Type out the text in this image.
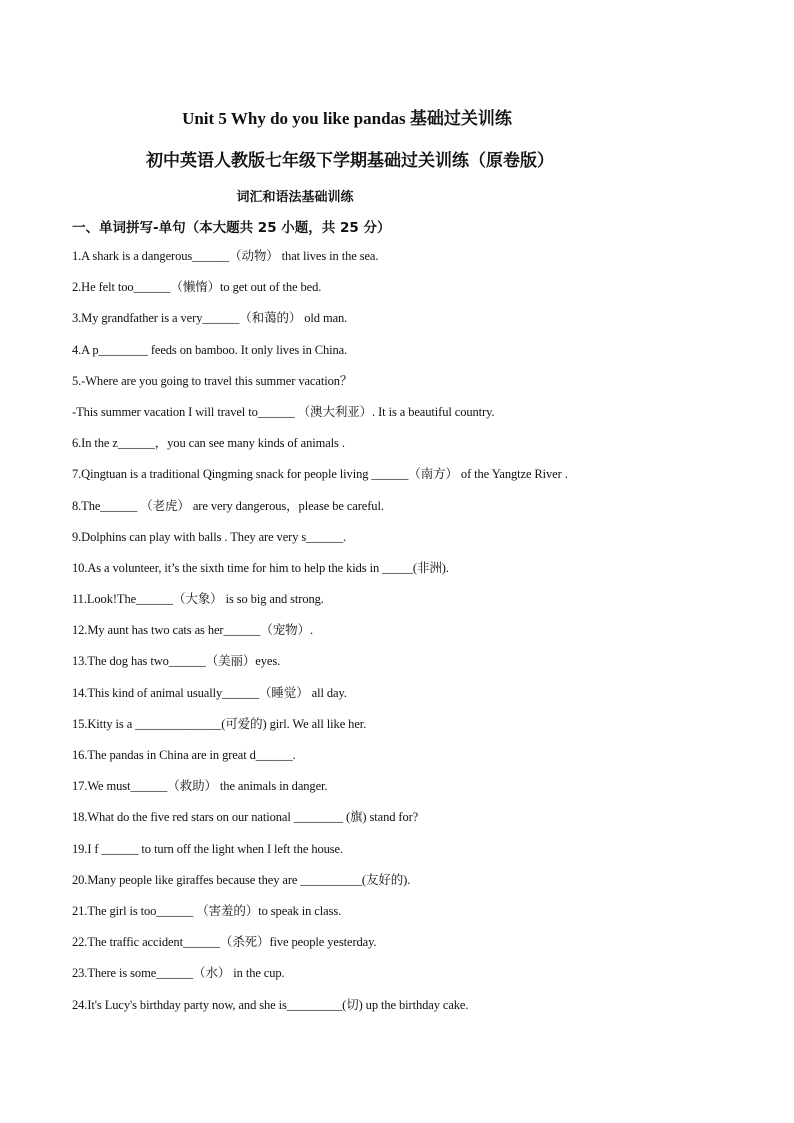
Unit 5 Why do you like pandas 基础过关训练
初中英语人教版七年级下学期基础过关训练（原卷版）
词汇和语法基础训练
一、单词拼写-单句（本大题共 25 小题，共 25 分）
1.A shark is a dangerous______（动物） that lives in the sea.
2.He felt too______（懒惰）to get out of the bed.
3.My grandfather is a very______（和蔼的） old man.
4.A p________ feeds on bamboo. It only lives in China.
5.-Where are you going to travel this summer vacation？
-This summer vacation I will travel to______ （澳大利亚）. It is a beautiful country.
6.In the z______，you can see many kinds of animals .
7.Qingtuan is a traditional Qingming snack for people living ______（南方） of the Yangtze River .
8.The______ （老虎） are very dangerous，please be careful.
9.Dolphins can play with balls . They are very s______.
10.As a volunteer, it’s the sixth time for him to help the kids in _____(非洲).
11.Look!The______（大象） is so big and strong.
12.My aunt has two cats as her______（宠物）.
13.The dog has two______（美丽）eyes.
14.This kind of animal usually______（睡觉） all day.
15.Kitty is a ______________(可爱的) girl. We all like her.
16.The pandas in China are in great d______.
17.We must______（救助） the animals in danger.
18.What do the five red stars on our national ________ (旗) stand for?
19.I f ______ to turn off the light when I left the house.
20.Many people like giraffes because they are __________(友好的).
21.The girl is too______ （害羞的）to speak in class.
22.The traffic accident______（杀死）five people yesterday.
23.There is some______（水） in the cup.
24.It's Lucy's birthday party now, and she is_________(切) up the birthday cake.
